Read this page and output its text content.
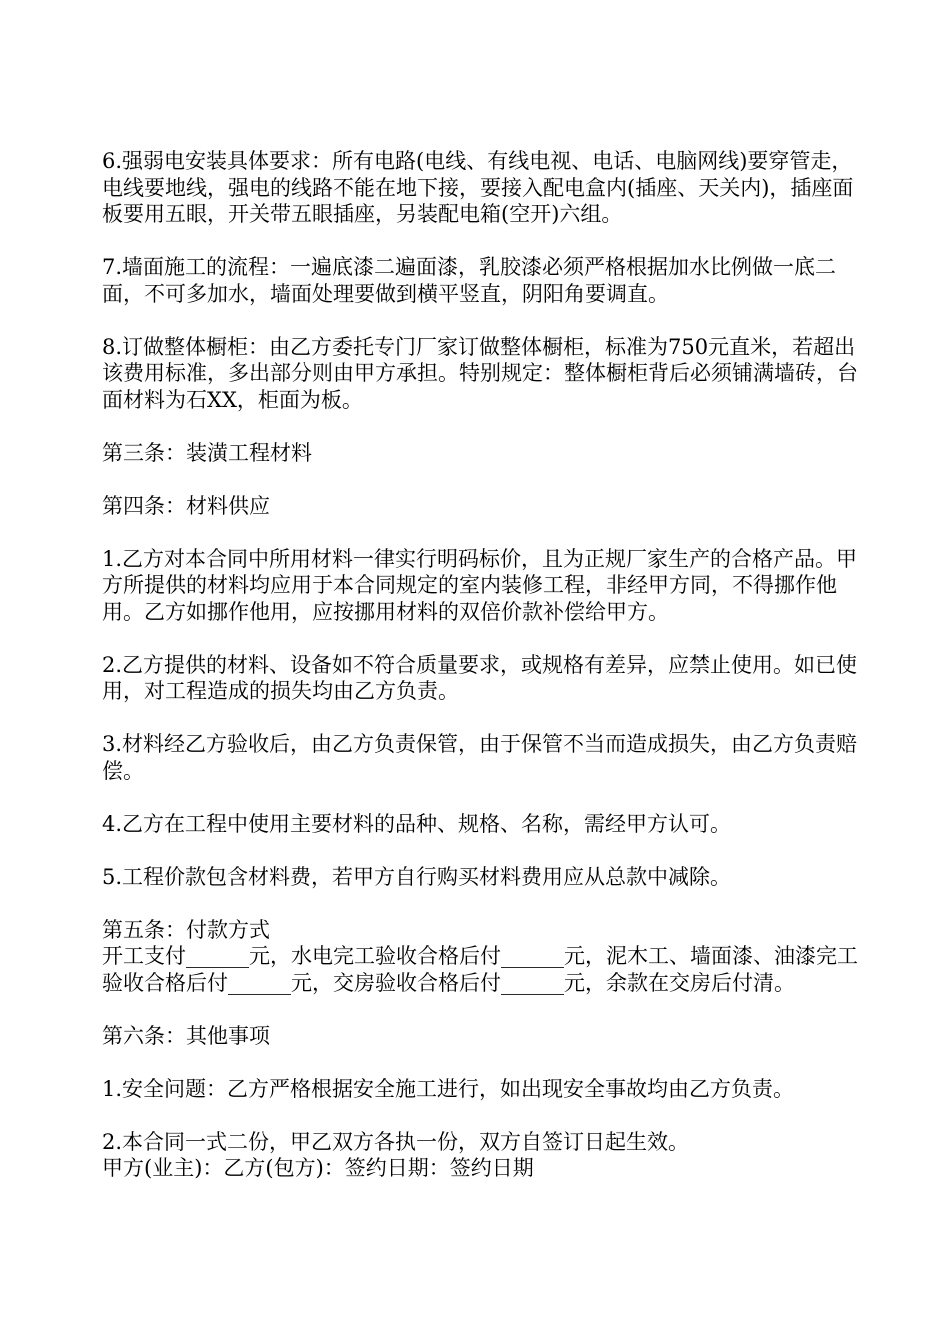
6.强弱电安装具体要求：所有电路(电线、有线电视、电话、电脑网线)要穿管走，电线要地线，强电的线路不能在地下接，要接入配电盒内(插座、天关内)，插座面板要用五眼，开关带五眼插座，另装配电箱(空开)六组。

7.墙面施工的流程：一遍底漆二遍面漆，乳胶漆必须严格根据加水比例做一底二面，不可多加水，墙面处理要做到横平竖直，阴阳角要调直。

8.订做整体橱柜：由乙方委托专门厂家订做整体橱柜，标准为750元直米，若超出该费用标准，多出部分则由甲方承担。特别规定：整体橱柜背后必须铺满墙砖，台面材料为石XX，柜面为板。

第三条：装潢工程材料

第四条：材料供应

1.乙方对本合同中所用材料一律实行明码标价，且为正规厂家生产的合格产品。甲方所提供的材料均应用于本合同规定的室内装修工程，非经甲方同，不得挪作他用。乙方如挪作他用，应按挪用材料的双倍价款补偿给甲方。

2.乙方提供的材料、设备如不符合质量要求，或规格有差异，应禁止使用。如已使用，对工程造成的损失均由乙方负责。

3.材料经乙方验收后，由乙方负责保管，由于保管不当而造成损失，由乙方负责赔偿。

4.乙方在工程中使用主要材料的品种、规格、名称，需经甲方认可。

5.工程价款包含材料费，若甲方自行购买材料费用应从总款中减除。

第五条：付款方式

开工支付______元，水电完工验收合格后付______元，泥木工、墙面漆、油漆完工验收合格后付______元，交房验收合格后付______元，余款在交房后付清。

第六条：其他事项

1.安全问题：乙方严格根据安全施工进行，如出现安全事故均由乙方负责。

2.本合同一式二份，甲乙双方各执一份，双方自签订日起生效。

甲方(业主)：乙方(包方)：签约日期：签约日期
